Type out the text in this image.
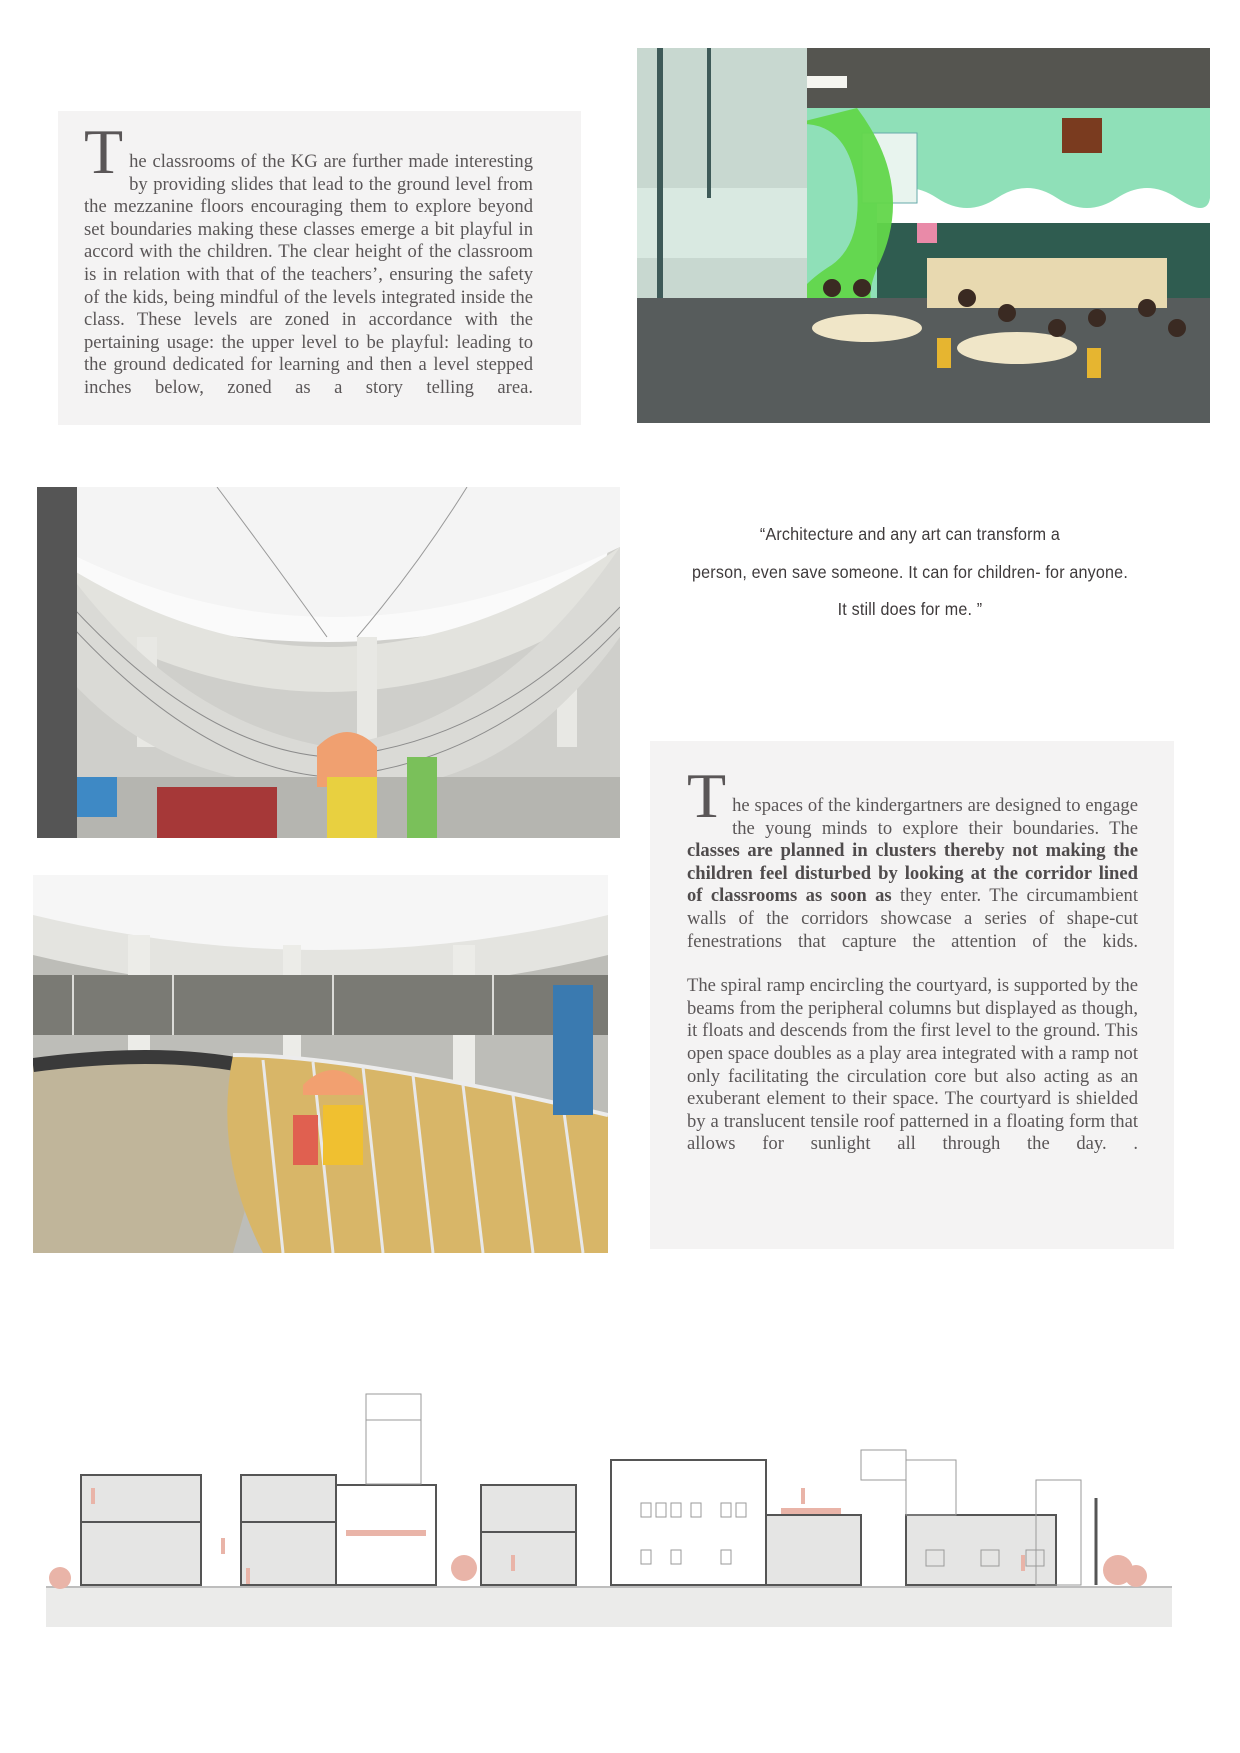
T he classrooms of the KG are further made interesting by providing slides that lead to the ground level from the mezzanine floors encouraging them to explore beyond set boundaries making these classes emerge a bit playful in accord with the children. The clear height of the classroom is in relation with that of the teachers’, ensuring the safety of the kids, being mindful of the levels integrated inside the class. These levels are zoned in accordance with the pertaining usage: the upper level to be playful: leading to the ground dedicated for learning and then a level stepped inches below, zoned as a story telling area.

“Architecture and any art can transform a
person, even save someone. It can for children- for anyone.
It still does for me. ”
T he spaces of the kindergartners are designed to engage the young minds to explore their boundaries. The classes are planned in clusters thereby not making the children feel disturbed by looking at the corridor lined of classrooms as soon as they enter. The circumambient walls of the corridors showcase a series of shape-cut fenestrations that capture the attention of the kids.

The spiral ramp encircling the courtyard, is supported by the beams from the peripheral columns but displayed as though, it floats and descends from the first level to the ground. This open space doubles as a play area integrated with a ramp not only facilitating the circulation core but also acting as an exuberant element to their space. The courtyard is shielded by a translucent tensile roof patterned in a floating form that allows for sunlight all through the day. .
